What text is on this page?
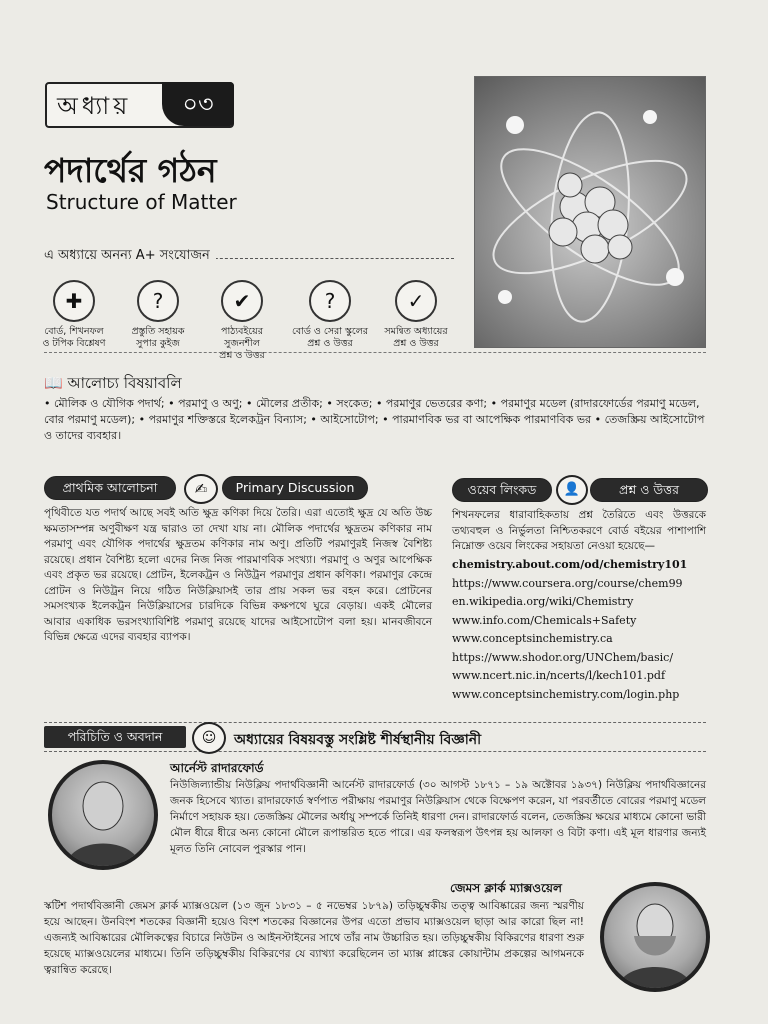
অধ্যায়	০৩
পদার্থের গঠন
Structure of Matter
এ অধ্যায়ে অনন্য A+ সংযোজন
✚
বোর্ড, শিখনফল
ও টপিক বিশ্লেষণ
?
প্রস্তুতি সহায়ক
সুপার কুইজ
✔
পাঠ্যবইয়ের সুজনশীল
প্রশ্ন ও উত্তর
?
বোর্ড ও সেরা স্কুলের
প্রশ্ন ও উত্তর
✓
সমন্বিত অধ্যায়ের
প্রশ্ন ও উত্তর
📖 আলোচ্য বিষয়াবলি
• মৌলিক ও যৌগিক পদার্থ; • পরমাণু ও অণু; • মৌলের প্রতীক; • সংকেত; • পরমাণুর ভেতরের কণা; • পরমাণুর মডেল (রাদারফোর্ডের পরমাণু মডেল, বোর পরমাণু মডেল); • পরমাণুর শক্তিস্তরে ইলেকট্রন বিন্যাস; • আইসোটোপ; • পারমাণবিক ভর বা আপেক্ষিক পারমাণবিক ভর • তেজস্ক্রিয় আইসোটোপ ও তাদের ব্যবহার।
প্রাথমিক আলোচনা	✍	Primary Discussion
পৃথিবীতে যত পদার্থ আছে সবই অতি ক্ষুদ্র কণিকা দিয়ে তৈরি। এরা এতোই ক্ষুদ্র যে অতি উচ্চ ক্ষমতাসম্পন্ন অণুবীক্ষণ যন্ত্র দ্বারাও তা দেখা যায় না। মৌলিক পদার্থের ক্ষুদ্রতম কণিকার নাম পরমাণু এবং যৌগিক পদার্থের ক্ষুদ্রতম কণিকার নাম অণু। প্রতিটি পরমাণুরই নিজস্ব বৈশিষ্ট্য রয়েছে। প্রধান বৈশিষ্ট্য হলো এদের নিজ নিজ পারমাণবিক সংখ্যা। পরমাণু ও অণুর আপেক্ষিক এবং প্রকৃত ভর রয়েছে। প্রোটন, ইলেকট্রন ও নিউট্রন পরমাণুর প্রধান কণিকা। পরমাণুর কেন্দ্রে প্রোটন ও নিউট্রন নিয়ে গঠিত নিউক্লিয়াসই তার প্রায় সকল ভর বহন করে। প্রোটনের সমসংখ্যক ইলেকট্রন নিউক্লিয়াসের চারদিকে বিভিন্ন কক্ষপথে ঘুরে বেড়ায়। একই মৌলের আবার একাধিক ভরসংখ্যাবিশিষ্ট পরমাণু রয়েছে যাদের আইসোটোপ বলা হয়। মানবজীবনে বিভিন্ন ক্ষেত্রে এদের ব্যবহার ব্যাপক।
ওয়েব লিংকড	👤	প্রশ্ন ও উত্তর
শিখনফলের ধারাবাহিকতায় প্রশ্ন তৈরিতে এবং উত্তরকে তথ্যবহুল ও নির্ভুলতা নিশ্চিতকরণে বোর্ড বইয়ের পাশাপাশি নিম্নোক্ত ওয়েব লিংকের সহায়তা নেওয়া হয়েছে—
chemistry.about.com/od/chemistry101
https://www.coursera.org/course/chem99
en.wikipedia.org/wiki/Chemistry
www.info.com/Chemicals+Safety
www.conceptsinchemistry.ca
https://www.shodor.org/UNChem/basic/
www.ncert.nic.in/ncerts/l/kech101.pdf
www.conceptsinchemistry.com/login.php
পরিচিতি ও অবদান	☺	অধ্যায়ের বিষয়বস্তু সংশ্লিষ্ট শীর্ষস্থানীয় বিজ্ঞানী
আর্নেস্ট রাদারফোর্ড
নিউজিল্যান্ডীয় নিউক্লিয় পদার্থবিজ্ঞানী আর্নেস্ট রাদারফোর্ড (৩০ আগস্ট ১৮৭১ – ১৯ অক্টোবর ১৯৩৭) নিউক্লিয় পদার্থবিজ্ঞানের জনক হিসেবে খ্যাত। রাদারফোর্ড স্বর্ণপাত পরীক্ষায় পরমাণুর নিউক্লিয়াস থেকে বিক্ষেপণ করেন, যা পরবর্তীতে বোরের পরমাণু মডেল নির্মাণে সহায়ক হয়। তেজস্ক্রিয় মৌলের অর্ধায়ু সম্পর্কে তিনিই ধারণা দেন। রাদারফোর্ড বলেন, তেজস্ক্রিয় ক্ষয়ের মাধ্যমে কোনো ভারী মৌল ধীরে ধীরে অন্য কোনো মৌলে রূপান্তরিত হতে পারে। এর ফলস্বরূপ উৎপন্ন হয় আলফা ও বিটা কণা। এই মূল ধারণার জন্যই মূলত তিনি নোবেল পুরস্কার পান।
জেমস ক্লার্ক ম্যাক্সওয়েল
স্কটিশ পদার্থবিজ্ঞানী জেমস ক্লার্ক ম্যাক্সওয়েল (১৩ জুন ১৮৩১ – ৫ নভেম্বর ১৮৭৯) তড়িচ্চুম্বকীয় তত্ত্ব আবিষ্কারের জন্য স্মরণীয় হয়ে আছেন। উনবিংশ শতকের বিজ্ঞানী হয়েও বিংশ শতকের বিজ্ঞানের উপর এতো প্রভাব ম্যাক্সওয়েল ছাড়া আর কারো ছিল না! এজন্যই আবিষ্কারের মৌলিকত্বের বিচারে নিউটন ও আইনস্টাইনের সাথে তাঁর নাম উচ্চারিত হয়। তড়িচ্চুম্বকীয় বিকিরণের ধারণা শুরু হয়েছে ম্যাক্সওয়েলের মাধ্যমে। তিনি তড়িচ্চুম্বকীয় বিকিরণের যে ব্যাখ্যা করেছিলেন তা ম্যাক্স প্লাঙ্কের কোয়ান্টাম প্রকল্পের আগমনকে ত্বরান্বিত করেছে।
